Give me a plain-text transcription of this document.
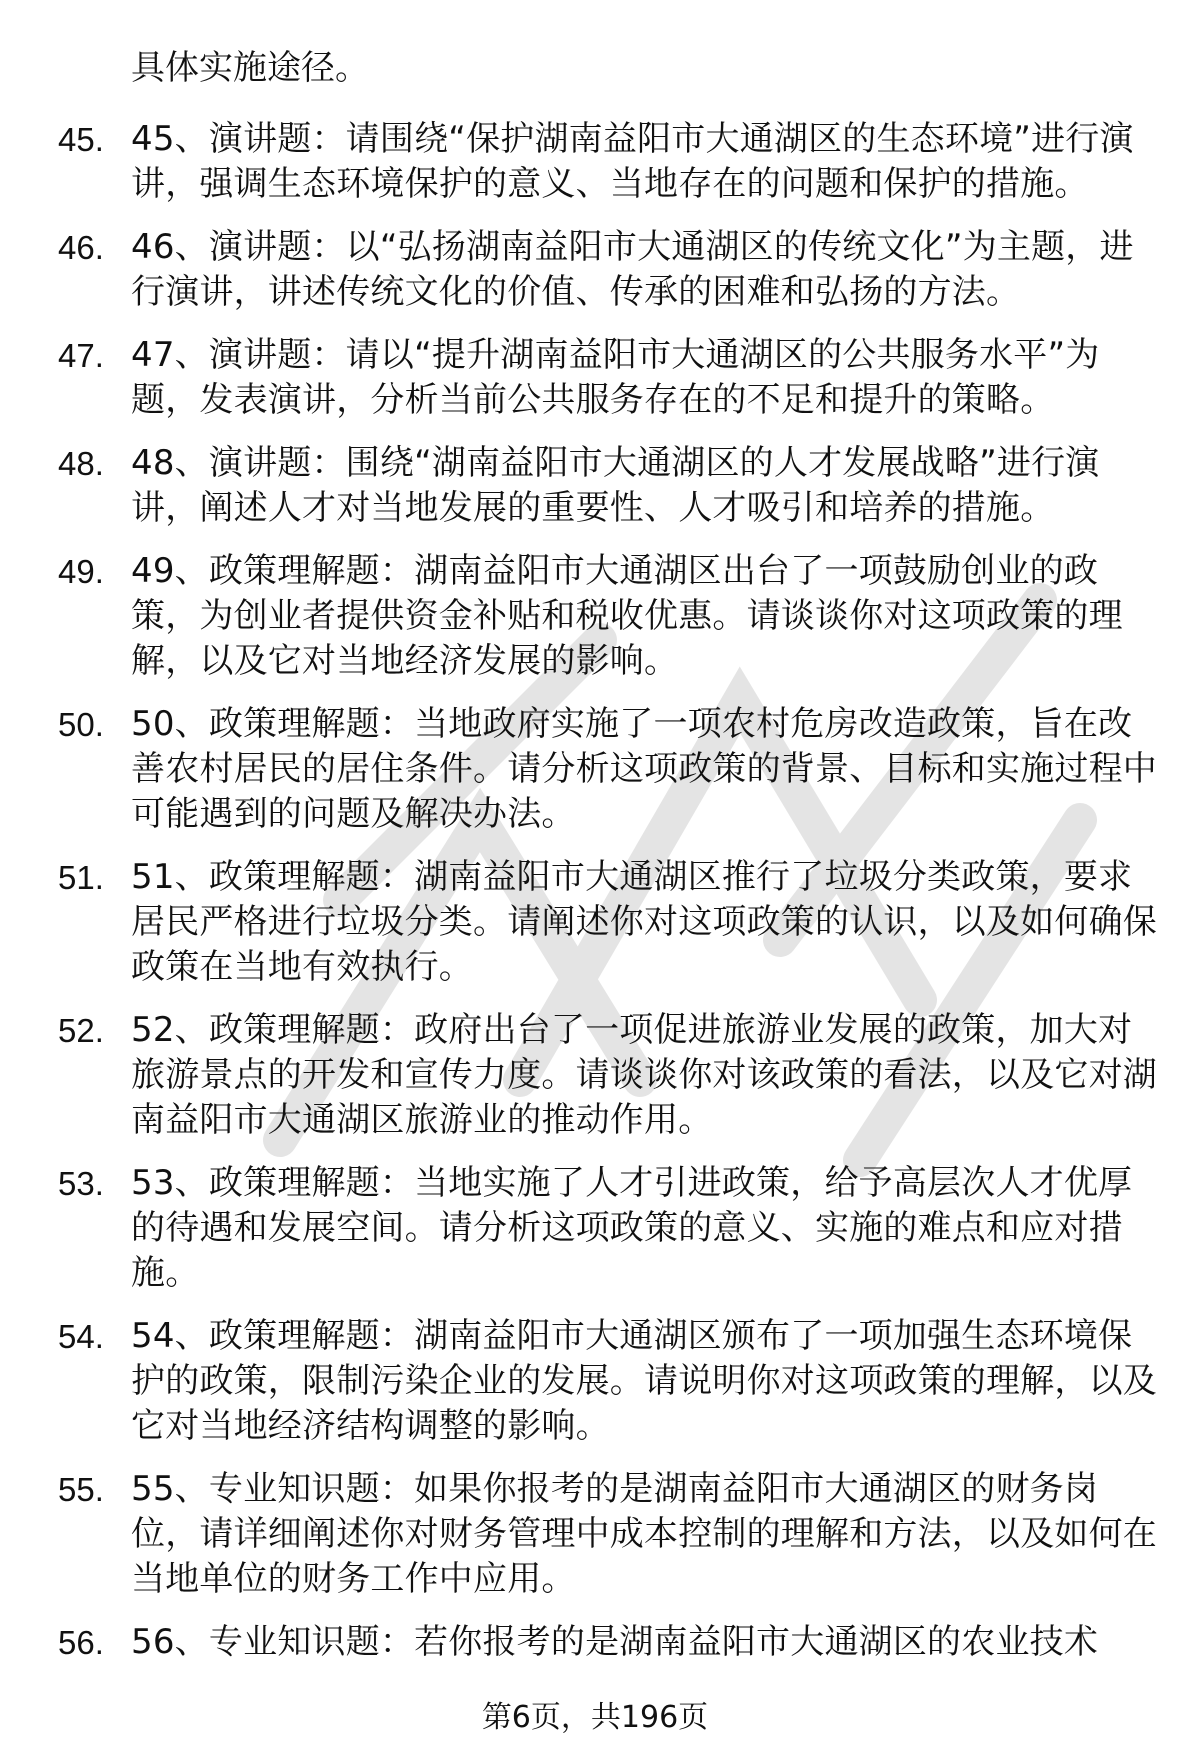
具体实施途径。

45. 45、演讲题：请围绕“保护湖南益阳市大通湖区的生态环境”进行演讲，强调生态环境保护的意义、当地存在的问题和保护的措施。
46. 46、演讲题：以“弘扬湖南益阳市大通湖区的传统文化”为主题，进行演讲，讲述传统文化的价值、传承的困难和弘扬的方法。
47. 47、演讲题：请以“提升湖南益阳市大通湖区的公共服务水平”为题，发表演讲，分析当前公共服务存在的不足和提升的策略。
48. 48、演讲题：围绕“湖南益阳市大通湖区的人才发展战略”进行演讲，阐述人才对当地发展的重要性、人才吸引和培养的措施。
49. 49、政策理解题：湖南益阳市大通湖区出台了一项鼓励创业的政策，为创业者提供资金补贴和税收优惠。请谈谈你对这项政策的理解，以及它对当地经济发展的影响。
50. 50、政策理解题：当地政府实施了一项农村危房改造政策，旨在改善农村居民的居住条件。请分析这项政策的背景、目标和实施过程中可能遇到的问题及解决办法。
51. 51、政策理解题：湖南益阳市大通湖区推行了垃圾分类政策，要求居民严格进行垃圾分类。请阐述你对这项政策的认识，以及如何确保政策在当地有效执行。
52. 52、政策理解题：政府出台了一项促进旅游业发展的政策，加大对旅游景点的开发和宣传力度。请谈谈你对该政策的看法，以及它对湖南益阳市大通湖区旅游业的推动作用。
53. 53、政策理解题：当地实施了人才引进政策，给予高层次人才优厚的待遇和发展空间。请分析这项政策的意义、实施的难点和应对措施。
54. 54、政策理解题：湖南益阳市大通湖区颁布了一项加强生态环境保护的政策，限制污染企业的发展。请说明你对这项政策的理解，以及它对当地经济结构调整的影响。
55. 55、专业知识题：如果你报考的是湖南益阳市大通湖区的财务岗位，请详细阐述你对财务管理中成本控制的理解和方法，以及如何在当地单位的财务工作中应用。
56. 56、专业知识题：若你报考的是湖南益阳市大通湖区的农业技术
第6页，共196页
